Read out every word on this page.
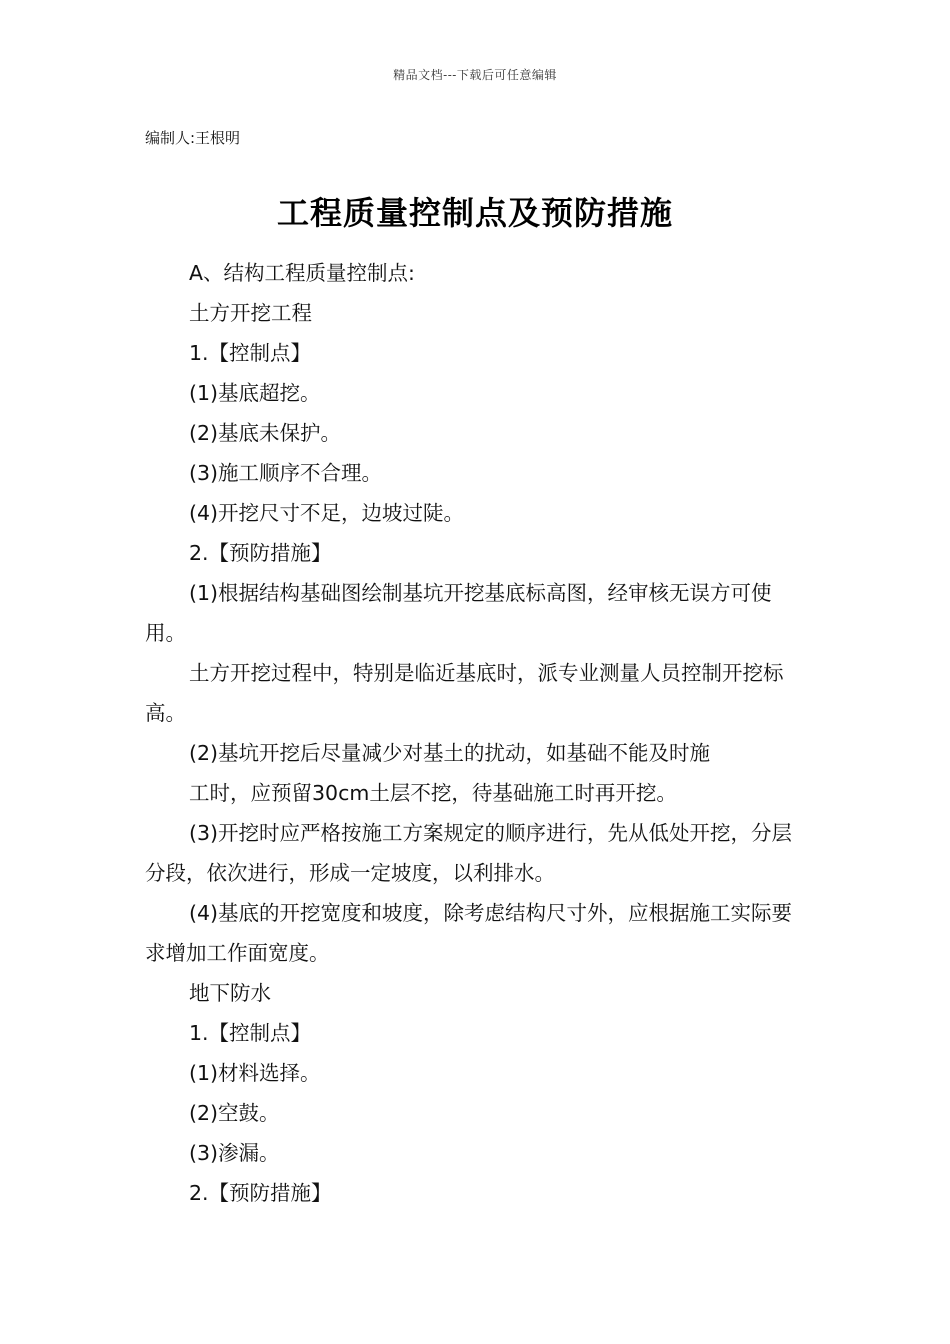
精品文档---下载后可任意编辑
编制人:王根明
工程质量控制点及预防措施

A、结构工程质量控制点:

土方开挖工程

1.【控制点】

(1)基底超挖。

(2)基底未保护。

(3)施工顺序不合理。

(4)开挖尺寸不足，边坡过陡。

2.【预防措施】

(1)根据结构基础图绘制基坑开挖基底标高图，经审核无误方可使用。

土方开挖过程中，特别是临近基底时，派专业测量人员控制开挖标高。

(2)基坑开挖后尽量减少对基土的扰动，如基础不能及时施

工时，应预留30cm土层不挖，待基础施工时再开挖。

(3)开挖时应严格按施工方案规定的顺序进行，先从低处开挖，分层分段，依次进行，形成一定坡度，以利排水。

(4)基底的开挖宽度和坡度，除考虑结构尺寸外，应根据施工实际要求增加工作面宽度。

地下防水

1.【控制点】

(1)材料选择。

(2)空鼓。

(3)渗漏。

2.【预防措施】
